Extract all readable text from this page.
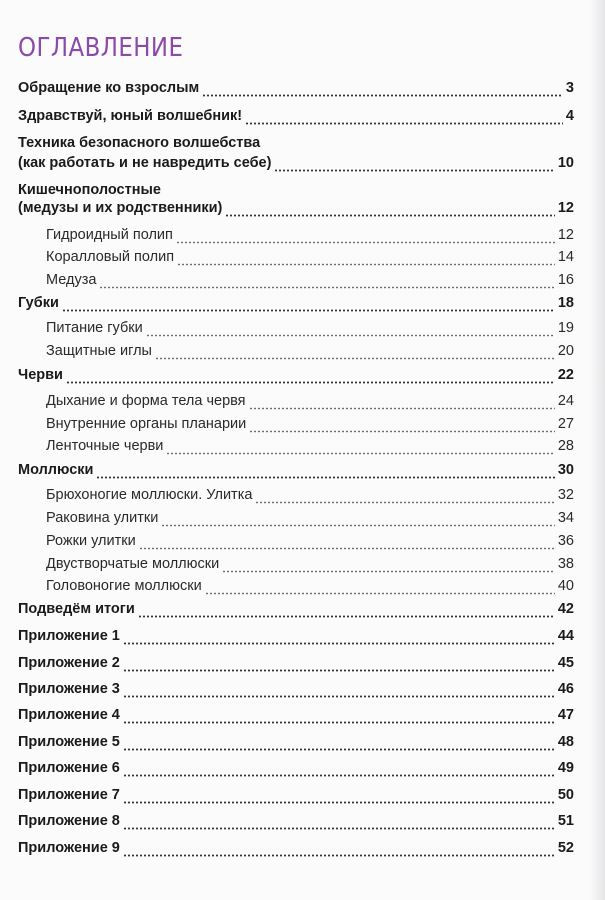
ОГЛАВЛЕНИЕ
Обращение ко взрослым	3
Здравствуй, юный волшебник!	4
Техника безопасного волшебства
(как работать и не навредить себе)	10
Кишечнополостные
(медузы и их родственники)	12
Гидроидный полип	12
Коралловый полип	14
Медуза	16
Губки	18
Питание губки	19
Защитные иглы	20
Черви	22
Дыхание и форма тела червя	24
Внутренние органы планарии	27
Ленточные черви	28
Моллюски	30
Брюхоногие моллюски. Улитка	32
Раковина улитки	34
Рожки улитки	36
Двустворчатые моллюски	38
Головоногие моллюски	40
Подведём итоги	42
Приложение 1	44
Приложение 2	45
Приложение 3	46
Приложение 4	47
Приложение 5	48
Приложение 6	49
Приложение 7	50
Приложение 8	51
Приложение 9	52
